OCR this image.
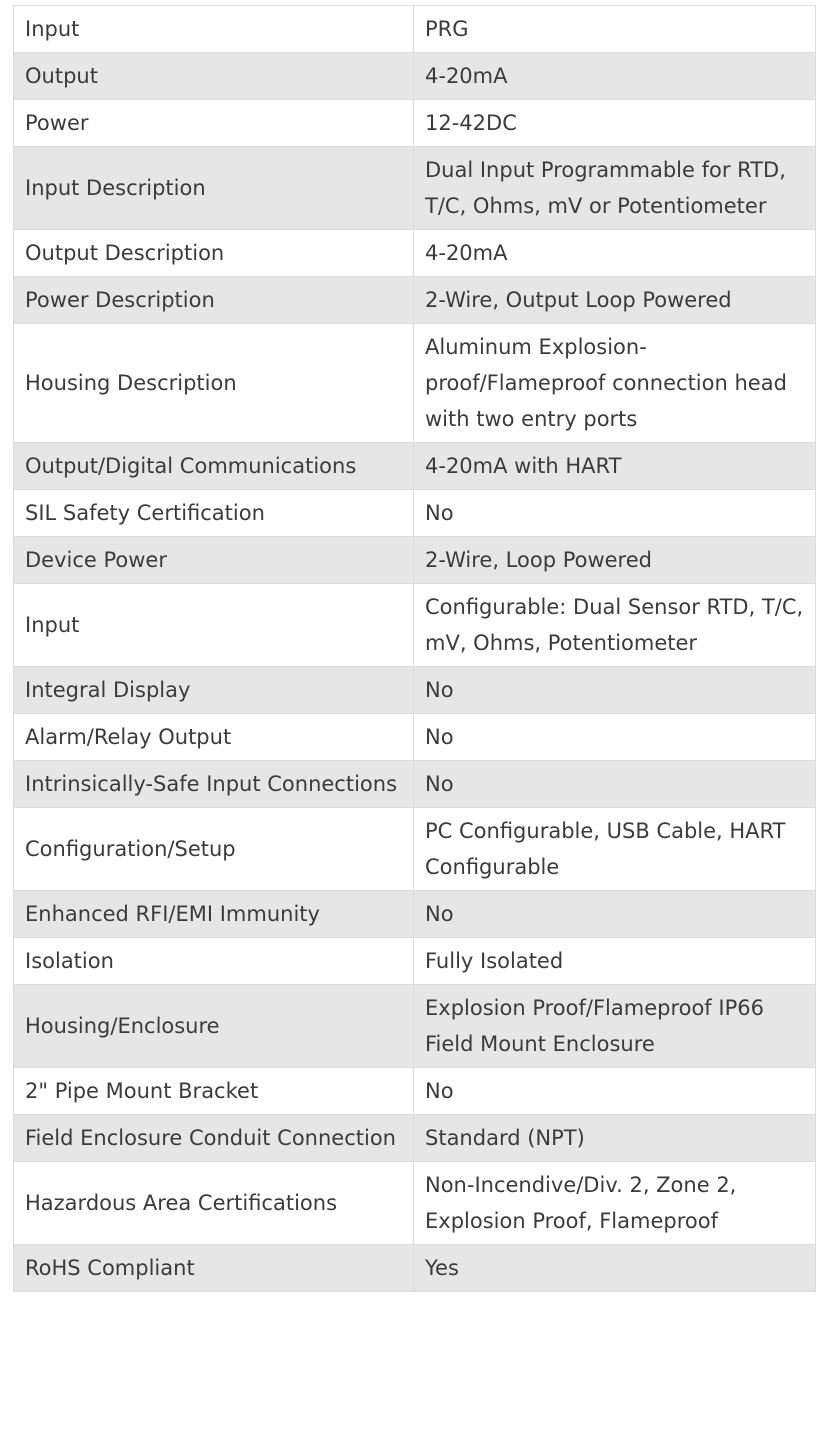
Input	PRG
Output	4-20mA
Power	12-42DC
Input Description	Dual Input Programmable for RTD, T/C, Ohms, mV or Potentiometer
Output Description	4-20mA
Power Description	2-Wire, Output Loop Powered
Housing Description	Aluminum Explosion-proof/Flameproof connection head with two entry ports
Output/Digital Communications	4-20mA with HART
SIL Safety Certification	No
Device Power	2-Wire, Loop Powered
Input	Configurable: Dual Sensor RTD, T/C, mV, Ohms, Potentiometer
Integral Display	No
Alarm/Relay Output	No
Intrinsically-Safe Input Connections	No
Configuration/Setup	PC Configurable, USB Cable, HART Configurable
Enhanced RFI/EMI Immunity	No
Isolation	Fully Isolated
Housing/Enclosure	Explosion Proof/Flameproof IP66 Field Mount Enclosure
2" Pipe Mount Bracket	No
Field Enclosure Conduit Connection	Standard (NPT)
Hazardous Area Certifications	Non-Incendive/Div. 2, Zone 2, Explosion Proof, Flameproof
RoHS Compliant	Yes
